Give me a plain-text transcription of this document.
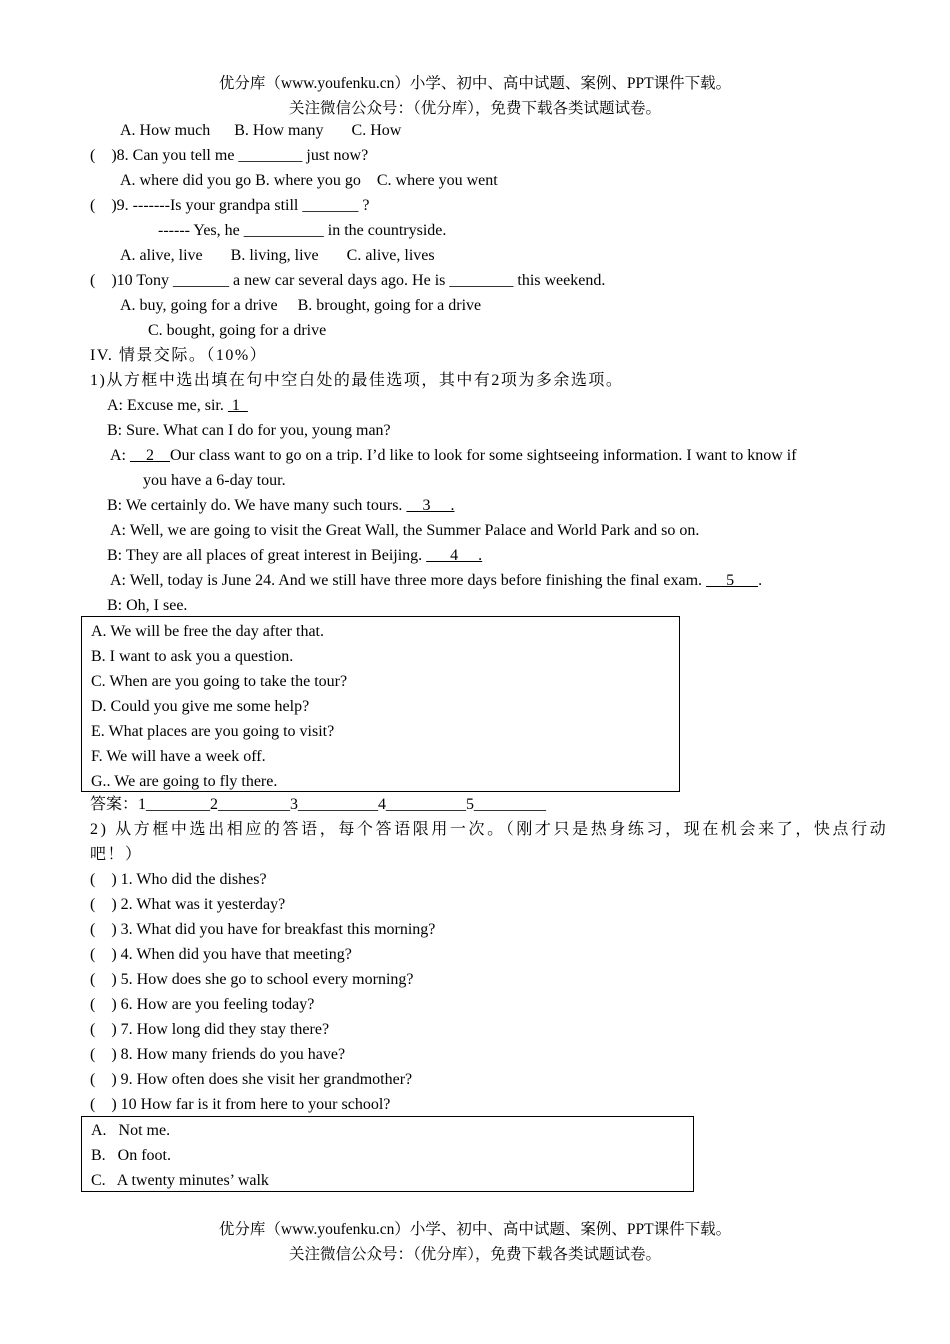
优分库（www.youfenku.cn）小学、初中、高中试题、案例、PPT课件下载。
关注微信公众号：（优分库），免费下载各类试题试卷。
A. How much      B. How many       C. How
(    )8. Can you tell me ________ just now?
A. where did you go B. where you go    C. where you went
(    )9. -------Is your grandpa still _______ ?
------ Yes, he __________ in the countryside.
A. alive, live       B. living, live       C. alive, lives
(    )10 Tony _______ a new car several days ago. He is ________ this weekend.
A. buy, going for a drive     B. brought, going for a drive
C. bought, going for a drive
IV. 情景交际。（10%）
1)从方框中选出填在句中空白处的最佳选项，其中有2项为多余选项。
A: Excuse me, sir.  1
B: Sure. What can I do for you, young man?
A:     2    Our class want to go on a trip. I’d like to look for some sightseeing information. I want to know if
you have a 6-day tour.
B: We certainly do. We have many such tours.     3     .
A: Well, we are going to visit the Great Wall, the Summer Palace and World Park and so on.
B: They are all places of great interest in Beijing.       4     .
A: Well, today is June 24. And we still have three more days before finishing the final exam.      5      .
B: Oh, I see.
A. We will be free the day after that.
B. I want to ask you a question.
C. When are you going to take the tour?
D. Could you give me some help?
E. What places are you going to visit?
F. We will have a week off.
G.. We are going to fly there.
答案：1________2_________3__________4__________5_________
2) 从方框中选出相应的答语，每个答语限用一次。（刚才只是热身练习，现在机会来了，快点行动
吧！）
(    ) 1. Who did the dishes?
(    ) 2. What was it yesterday?
(    ) 3. What did you have for breakfast this morning?
(    ) 4. When did you have that meeting?
(    ) 5. How does she go to school every morning?
(    ) 6. How are you feeling today?
(    ) 7. How long did they stay there?
(    ) 8. How many friends do you have?
(    ) 9. How often does she visit her grandmother?
(    ) 10 How far is it from here to your school?
A.   Not me.
B.   On foot.
C.   A twenty minutes’ walk
优分库（www.youfenku.cn）小学、初中、高中试题、案例、PPT课件下载。
关注微信公众号：（优分库），免费下载各类试题试卷。
